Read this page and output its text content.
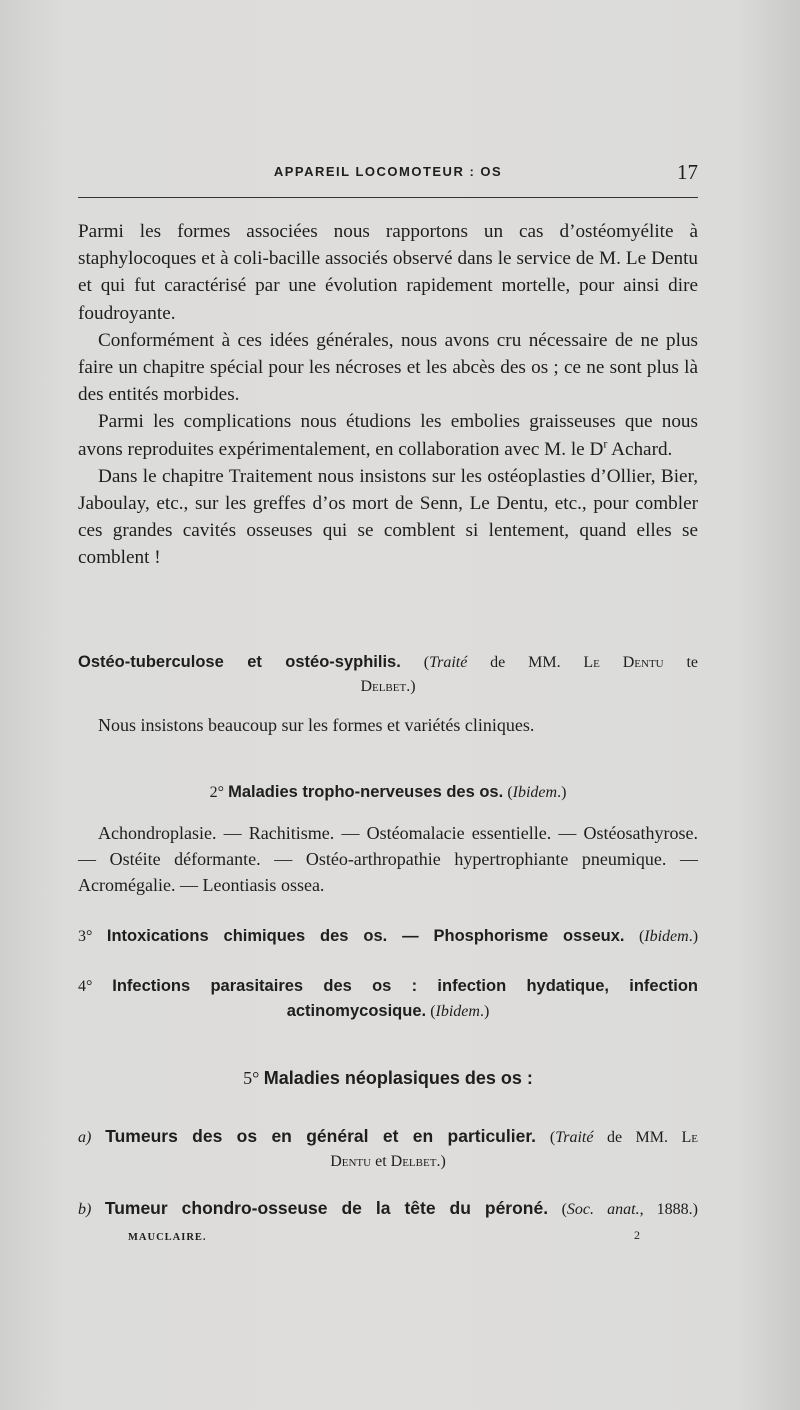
APPAREIL LOCOMOTEUR : OS	17

Parmi les formes associées nous rapportons un cas d’ostéomyélite à staphylocoques et à coli-bacille associés observé dans le service de M. Le Dentu et qui fut caractérisé par une évolution rapidement mortelle, pour ainsi dire foudroyante.

Conformément à ces idées générales, nous avons cru nécessaire de ne plus faire un chapitre spécial pour les nécroses et les abcès des os ; ce ne sont plus là des entités morbides.

Parmi les complications nous étudions les embolies graisseuses que nous avons reproduites expérimentalement, en collaboration avec M. le $D^r$ Achard.

Dans le chapitre Traitement nous insistons sur les ostéoplasties d’Ollier, Bier, Jaboulay, etc., sur les greffes d’os mort de Senn, Le Dentu, etc., pour combler ces grandes cavités osseuses qui se comblent si lentement, quand elles se comblent !

Ostéo-tuberculose et ostéo-syphilis. (Traité de MM. Le Dentu te
Delbet.)
Nous insistons beaucoup sur les formes et variétés cliniques.
2° Maladies tropho-nerveuses des os. (Ibidem.)
Achondroplasie. — Rachitisme. — Ostéomalacie essentielle. — Ostéosathyrose. — Ostéite déformante. — Ostéo-arthropathie hypertrophiante pneumique. — Acromégalie. — Leontiasis ossea.
3° Intoxications chimiques des os. — Phosphorisme osseux. (Ibidem.)
4° Infections parasitaires des os : infection hydatique, infection
actinomycosique. (Ibidem.)
5° Maladies néoplasiques des os :
a) Tumeurs des os en général et en particulier. (Traité de MM. Le
Dentu et Delbet.)
b) Tumeur chondro-osseuse de la tête du péroné. (Soc. anat., 1888.)
MAUCLAIRE.	2
